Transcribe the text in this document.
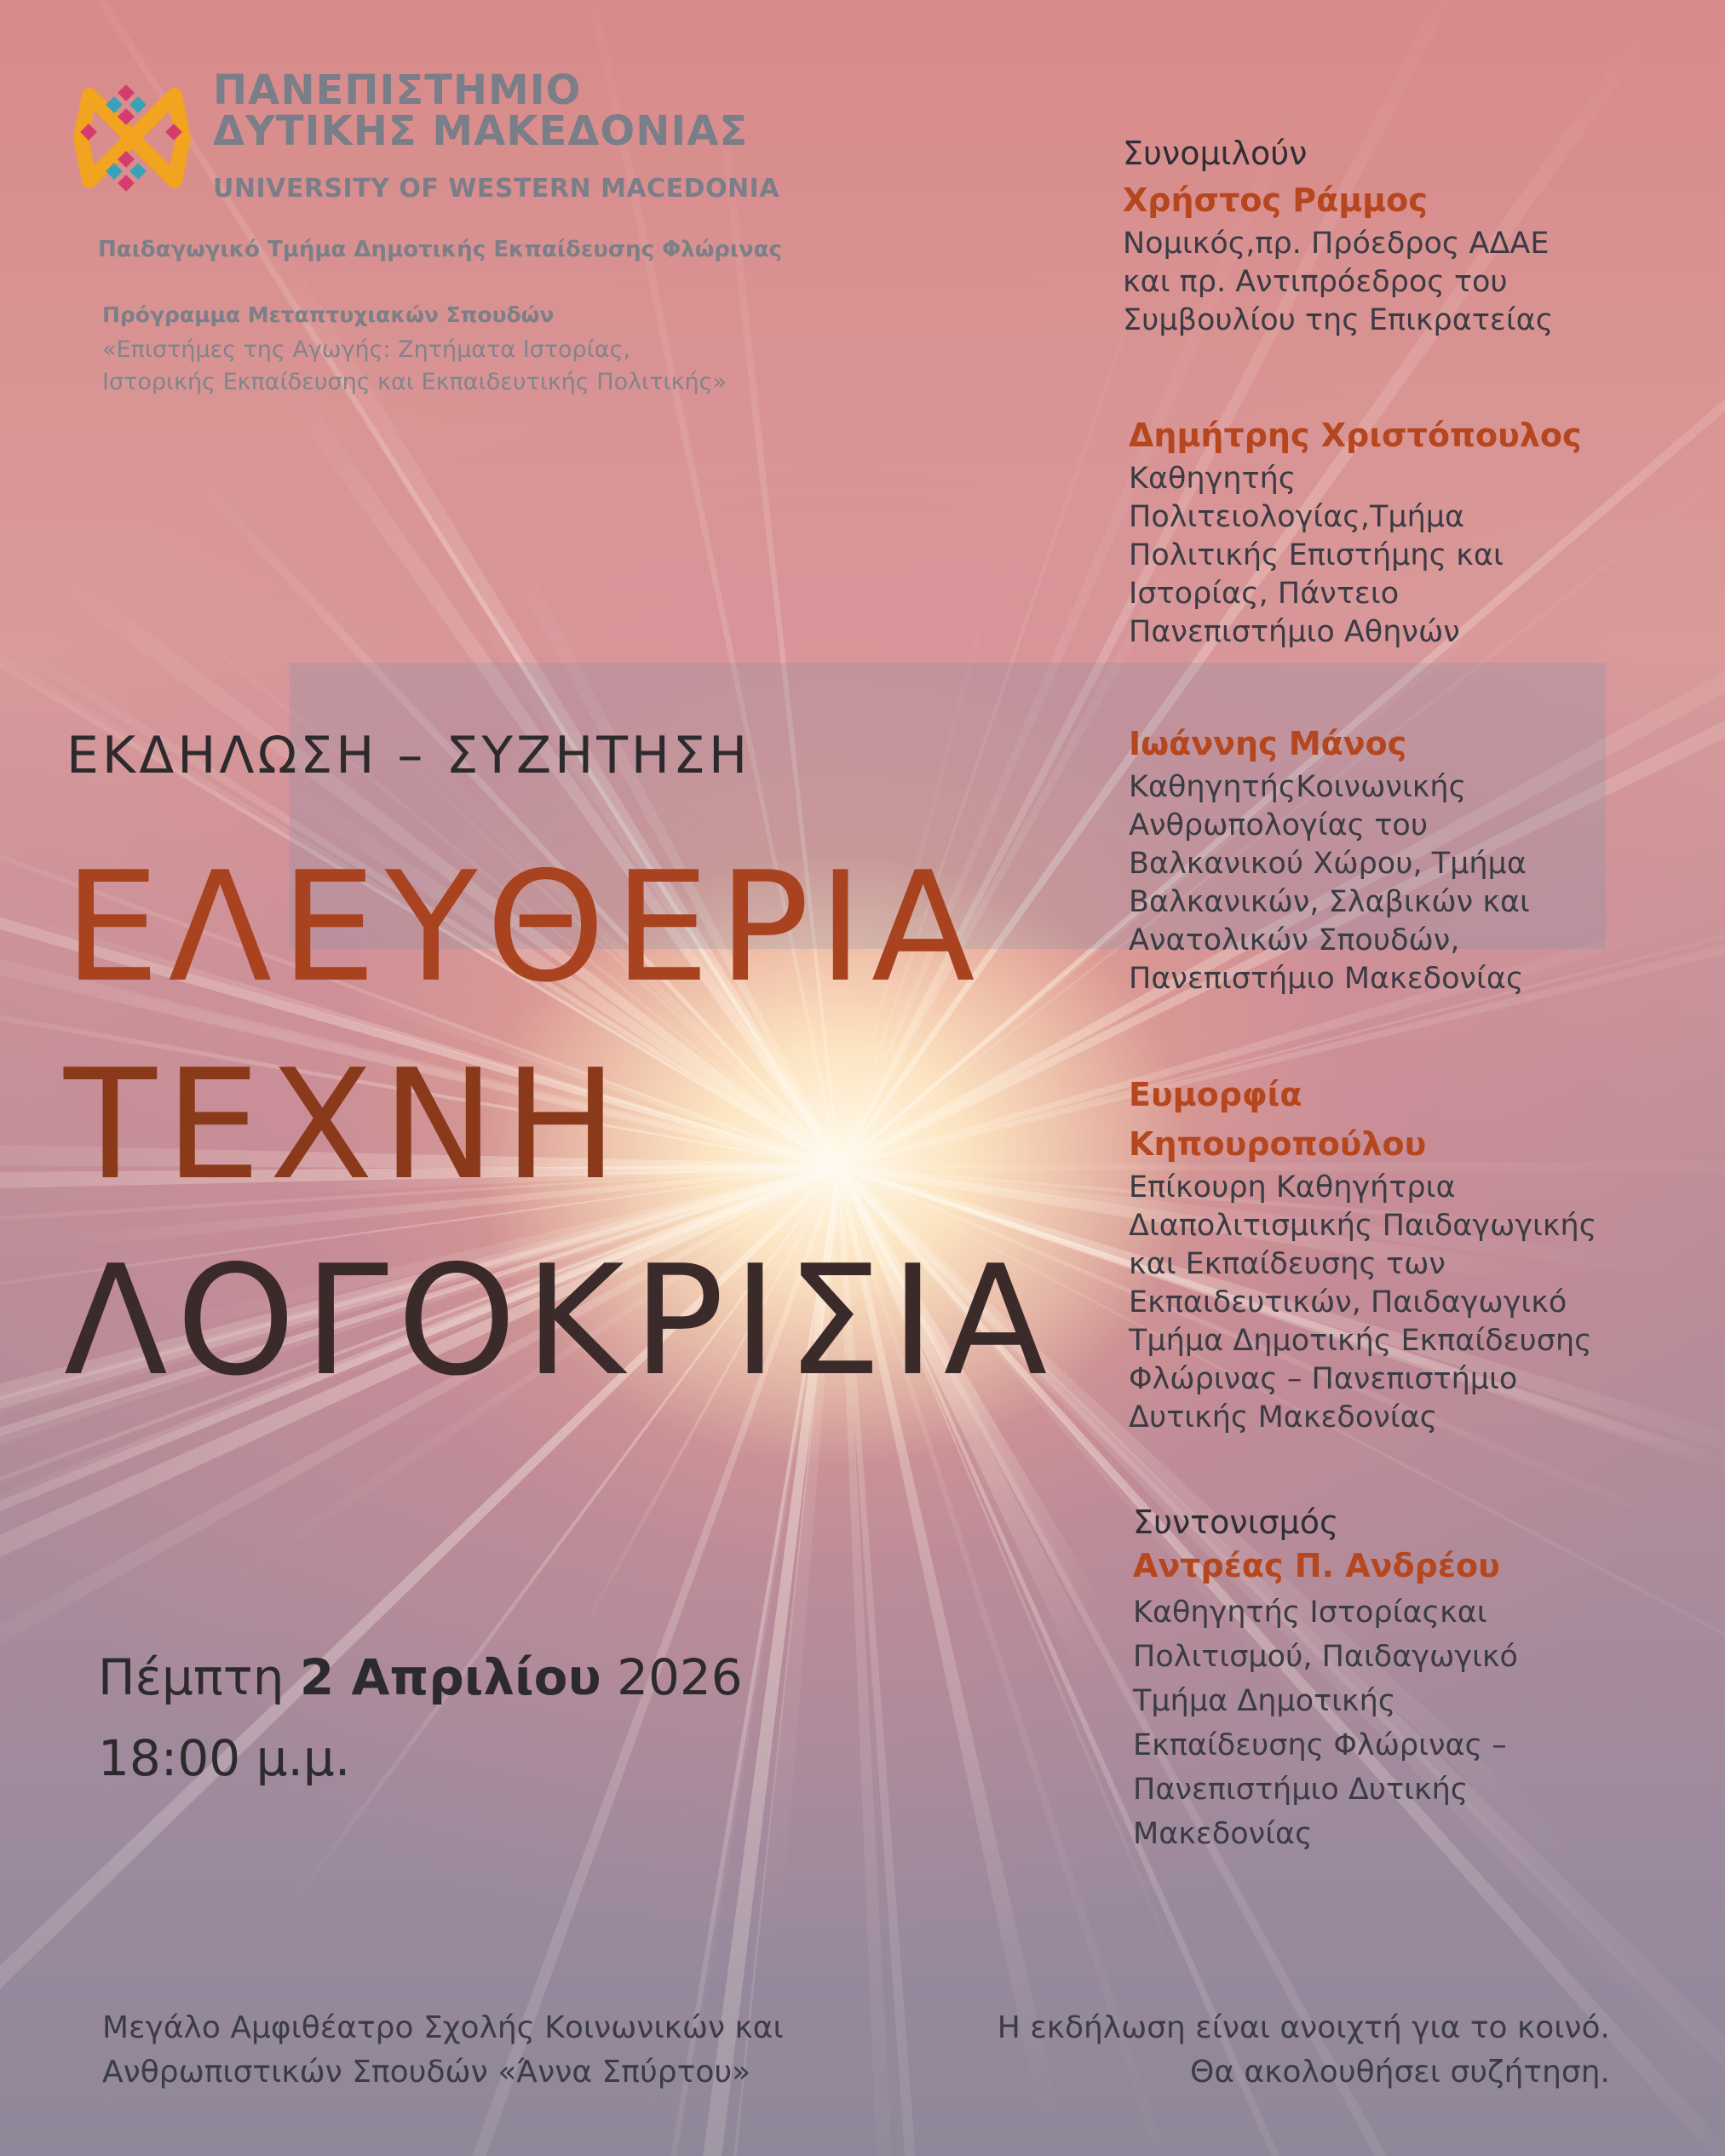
ΠΑΝΕΠΙΣΤΗΜΙΟ
ΔΥΤΙΚΗΣ ΜΑΚΕΔΟΝΙΑΣ
UNIVERSITY OF WESTERN MACEDONIA
Παιδαγωγικό Τμήμα Δημοτικής Εκπαίδευσης Φλώρινας
Πρόγραμμα Μεταπτυχιακών Σπουδών
«Επιστήμες της Αγωγής: Ζητήματα Ιστορίας,
Ιστορικής Εκπαίδευσης και Εκπαιδευτικής Πολιτικής»
ΕΚΔΗΛΩΣΗ – ΣΥΖΗΤΗΣΗ
ΕΛΕΥΘΕΡΙΑ
ΤΕΧΝΗ
ΛΟΓΟΚΡΙΣΙΑ
Πέμπτη 2 Απριλίου 2026
18:00 μ.μ.
Συνομιλούν
Χρήστος Ράμμος
Νομικός,πρ. Πρόεδρος ΑΔΑΕ
και πρ. Αντιπρόεδρος του
Συμβουλίου της Επικρατείας
Δημήτρης Χριστόπουλος
Καθηγητής
Πολιτειολογίας,Τμήμα
Πολιτικής Επιστήμης και
Ιστορίας, Πάντειο
Πανεπιστήμιο Αθηνών
Ιωάννης Μάνος
ΚαθηγητήςΚοινωνικής
Ανθρωπολογίας του
Βαλκανικού Χώρου, Τμήμα
Βαλκανικών, Σλαβικών και
Ανατολικών Σπουδών,
Πανεπιστήμιο Μακεδονίας
Ευμορφία
Κηπουροπούλου
Επίκουρη Καθηγήτρια
Διαπολιτισμικής Παιδαγωγικής
και Εκπαίδευσης των
Εκπαιδευτικών, Παιδαγωγικό
Τμήμα Δημοτικής Εκπαίδευσης
Φλώρινας – Πανεπιστήμιο
Δυτικής Μακεδονίας
Συντονισμός
Αντρέας Π. Ανδρέου
Καθηγητής Ιστορίαςκαι
Πολιτισμού, Παιδαγωγικό
Τμήμα Δημοτικής
Εκπαίδευσης Φλώρινας –
Πανεπιστήμιο Δυτικής
Μακεδονίας
Μεγάλο Αμφιθέατρο Σχολής Κοινωνικών και
Ανθρωπιστικών Σπουδών «Άννα Σπύρτου»
Η εκδήλωση είναι ανοιχτή για το κοινό.
Θα ακολουθήσει συζήτηση.
